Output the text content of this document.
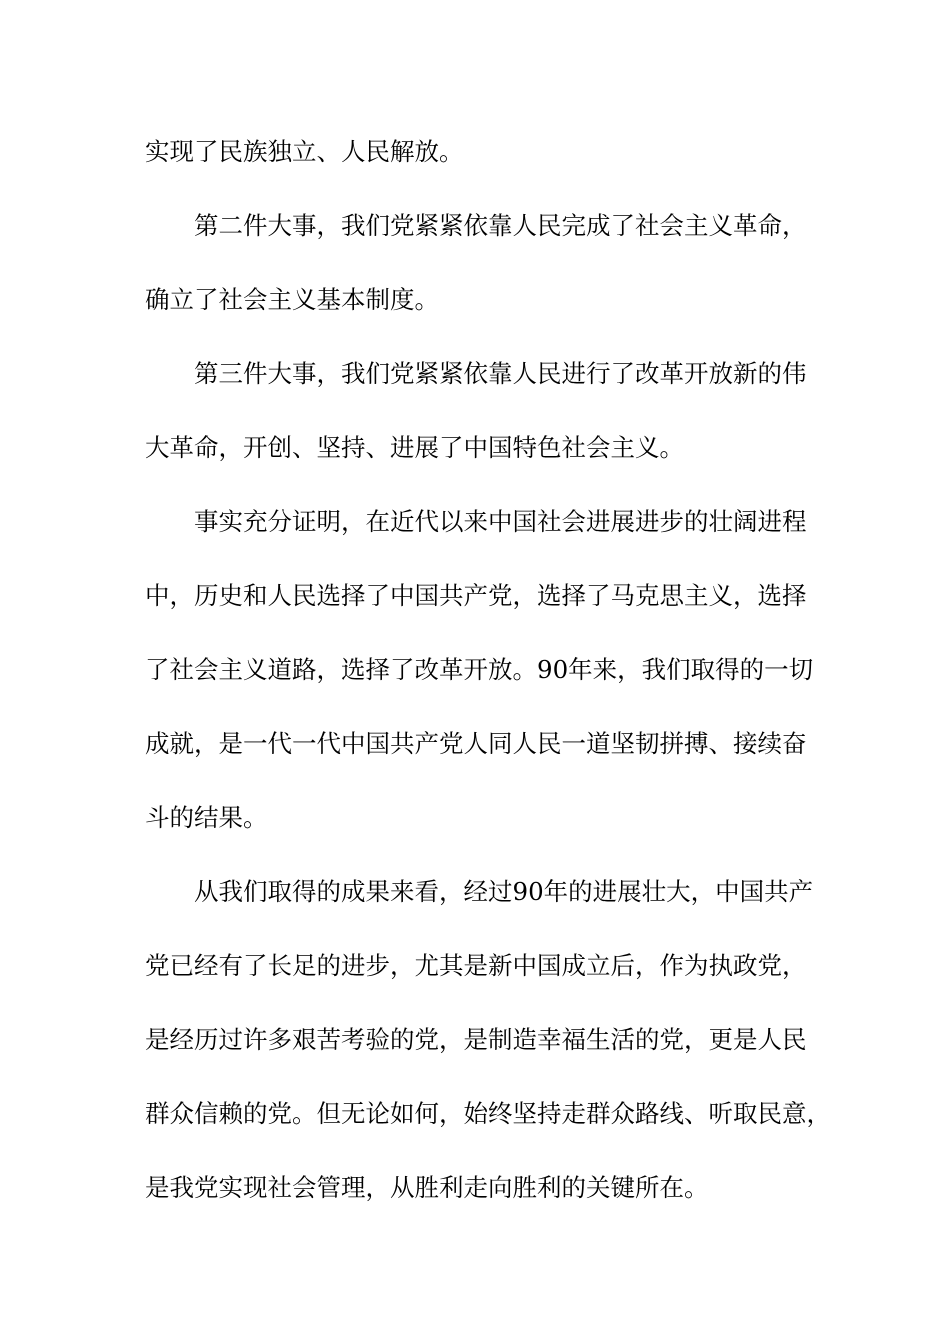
实现了民族独立、人民解放。
第二件大事，我们党紧紧依靠人民完成了社会主义革命，
确立了社会主义基本制度。
第三件大事，我们党紧紧依靠人民进行了改革开放新的伟
大革命，开创、坚持、进展了中国特色社会主义。
事实充分证明，在近代以来中国社会进展进步的壮阔进程
中，历史和人民选择了中国共产党，选择了马克思主义，选择
了社会主义道路，选择了改革开放。90年来，我们取得的一切
成就，是一代一代中国共产党人同人民一道坚韧拼搏、接续奋
斗的结果。
从我们取得的成果来看，经过90年的进展壮大，中国共产
党已经有了长足的进步，尤其是新中国成立后，作为执政党，
是经历过许多艰苦考验的党，是制造幸福生活的党，更是人民
群众信赖的党。但无论如何，始终坚持走群众路线、听取民意，
是我党实现社会管理，从胜利走向胜利的关键所在。
